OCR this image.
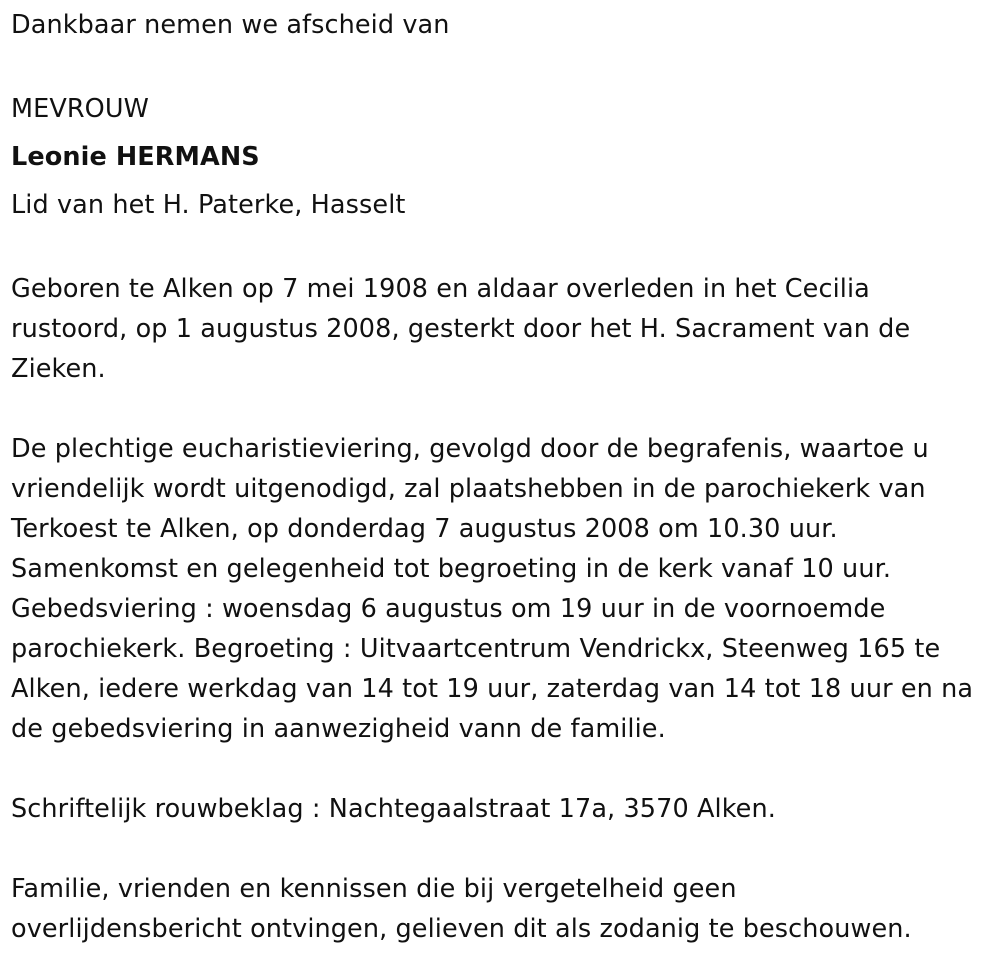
Dankbaar nemen we afscheid van
MEVROUW
Leonie HERMANS
Lid van het H. Paterke, Hasselt
Geboren te Alken op 7 mei 1908 en aldaar overleden in het Cecilia
rustoord, op 1 augustus 2008, gesterkt door het H. Sacrament van de
Zieken.
De plechtige eucharistieviering, gevolgd door de begrafenis, waartoe u
vriendelijk wordt uitgenodigd, zal plaatshebben in de parochiekerk van
Terkoest te Alken, op donderdag 7 augustus 2008 om 10.30 uur.
Samenkomst en gelegenheid tot begroeting in de kerk vanaf 10 uur.
Gebedsviering : woensdag 6 augustus om 19 uur in de voornoemde
parochiekerk. Begroeting : Uitvaartcentrum Vendrickx, Steenweg 165 te
Alken, iedere werkdag van 14 tot 19 uur, zaterdag van 14 tot 18 uur en na
de gebedsviering in aanwezigheid vann de familie.
Schriftelijk rouwbeklag : Nachtegaalstraat 17a, 3570 Alken.
Familie, vrienden en kennissen die bij vergetelheid geen
overlijdensbericht ontvingen, gelieven dit als zodanig te beschouwen.
